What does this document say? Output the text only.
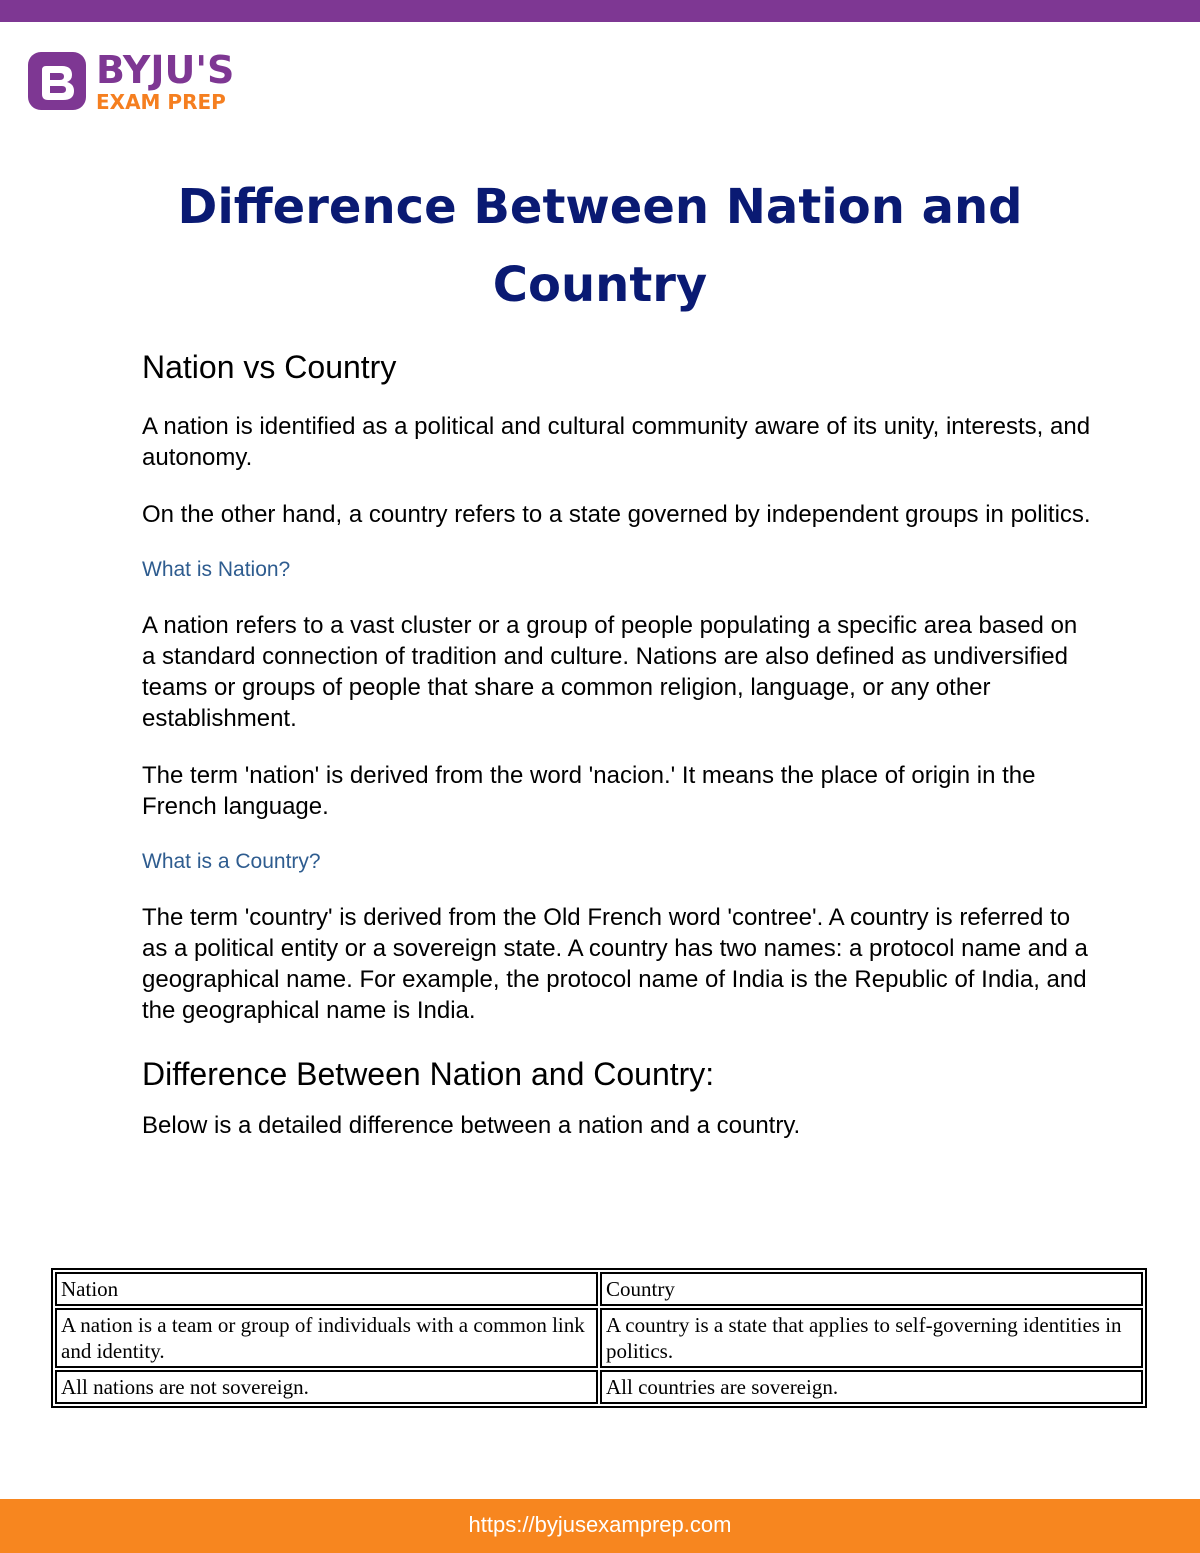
BYJU'S
EXAM PREP
Difference Between Nation and Country
Nation vs Country

A nation is identified as a political and cultural community aware of its unity, interests, and autonomy.

On the other hand, a country refers to a state governed by independent groups in politics.

What is Nation?

A nation refers to a vast cluster or a group of people populating a specific area based on a standard connection of tradition and culture. Nations are also defined as undiversified teams or groups of people that share a common religion, language, or any other establishment.

The term 'nation' is derived from the word 'nacion.' It means the place of origin in the French language.

What is a Country?

The term 'country' is derived from the Old French word 'contree'. A country is referred to as a political entity or a sovereign state. A country has two names: a protocol name and a geographical name. For example, the protocol name of India is the Republic of India, and the geographical name is India.

Difference Between Nation and Country:

Below is a detailed difference between a nation and a country.

Nation	Country
A nation is a team or group of individuals with a common link and identity.	A country is a state that applies to self-governing identities in politics.
All nations are not sovereign.	All countries are sovereign.
https://byjusexamprep.com
